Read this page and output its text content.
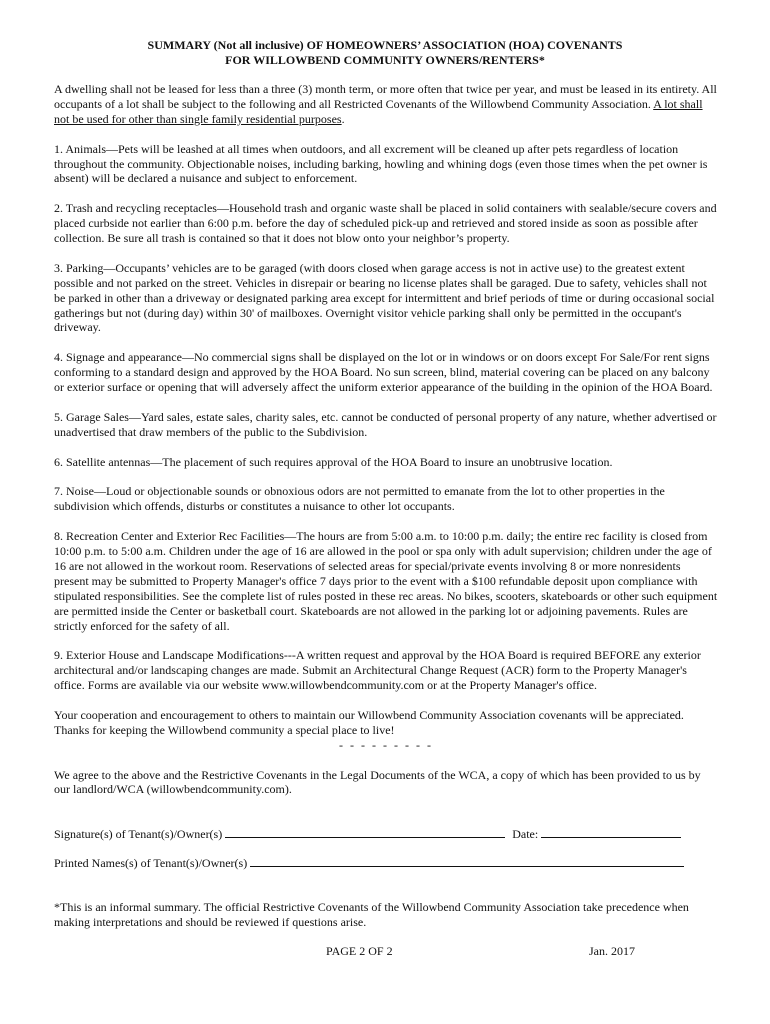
SUMMARY (Not all inclusive) OF HOMEOWNERS’ ASSOCIATION (HOA) COVENANTS
FOR WILLOWBEND COMMUNITY OWNERS/RENTERS*

A dwelling shall not be leased for less than a three (3) month term, or more often that twice per year, and must be leased in its entirety. All occupants of a lot shall be subject to the following and all Restricted Covenants of the Willowbend Community Association. A lot shall not be used for other than single family residential purposes.

1. Animals—Pets will be leashed at all times when outdoors, and all excrement will be cleaned up after pets regardless of location throughout the community. Objectionable noises, including barking, howling and whining dogs (even those times when the pet owner is absent) will be declared a nuisance and subject to enforcement.

2. Trash and recycling receptacles—Household trash and organic waste shall be placed in solid containers with sealable/secure covers and placed curbside not earlier than 6:00 p.m. before the day of scheduled pick-up and retrieved and stored inside as soon as possible after collection. Be sure all trash is contained so that it does not blow onto your neighbor’s property.

3. Parking—Occupants’ vehicles are to be garaged (with doors closed when garage access is not in active use) to the greatest extent possible and not parked on the street. Vehicles in disrepair or bearing no license plates shall be garaged. Due to safety, vehicles shall not be parked in other than a driveway or designated parking area except for intermittent and brief periods of time or during occasional social gatherings but not (during day) within 30' of mailboxes. Overnight visitor vehicle parking shall only be permitted in the occupant's driveway.

4. Signage and appearance—No commercial signs shall be displayed on the lot or in windows or on doors except For Sale/For rent signs conforming to a standard design and approved by the HOA Board. No sun screen, blind, material covering can be placed on any balcony or exterior surface or opening that will adversely affect the uniform exterior appearance of the building in the opinion of the HOA Board.

5. Garage Sales—Yard sales, estate sales, charity sales, etc. cannot be conducted of personal property of any nature, whether advertised or unadvertised that draw members of the public to the Subdivision.

6. Satellite antennas—The placement of such requires approval of the HOA Board to insure an unobtrusive location.

7. Noise—Loud or objectionable sounds or obnoxious odors are not permitted to emanate from the lot to other properties in the subdivision which offends, disturbs or constitutes a nuisance to other lot occupants.

8. Recreation Center and Exterior Rec Facilities—The hours are from 5:00 a.m. to 10:00 p.m. daily; the entire rec facility is closed from 10:00 p.m. to 5:00 a.m. Children under the age of 16 are allowed in the pool or spa only with adult supervision; children under the age of 16 are not allowed in the workout room. Reservations of selected areas for special/private events involving 8 or more nonresidents present may be submitted to Property Manager's office 7 days prior to the event with a $100 refundable deposit upon compliance with stipulated responsibilities. See the complete list of rules posted in these rec areas. No bikes, scooters, skateboards or other such equipment are permitted inside the Center or basketball court. Skateboards are not allowed in the parking lot or adjoining pavements. Rules are strictly enforced for the safety of all.

9. Exterior House and Landscape Modifications---A written request and approval by the HOA Board is required BEFORE any exterior architectural and/or landscaping changes are made. Submit an Architectural Change Request (ACR) form to the Property Manager's office. Forms are available via our website www.willowbendcommunity.com or at the Property Manager's office.

Your cooperation and encouragement to others to maintain our Willowbend Community Association covenants will be appreciated. Thanks for keeping the Willowbend community a special place to live!

- - - - - - - - -

We agree to the above and the Restrictive Covenants in the Legal Documents of the WCA, a copy of which has been provided to us by our landlord/WCA (willowbendcommunity.com).

Signature(s) of Tenant(s)/Owner(s)	Date:
Printed Names(s) of Tenant(s)/Owner(s)
*This is an informal summary. The official Restrictive Covenants of the Willowbend Community Association take precedence when making interpretations and should be reviewed if questions arise.
PAGE 2 OF 2	Jan. 2017
